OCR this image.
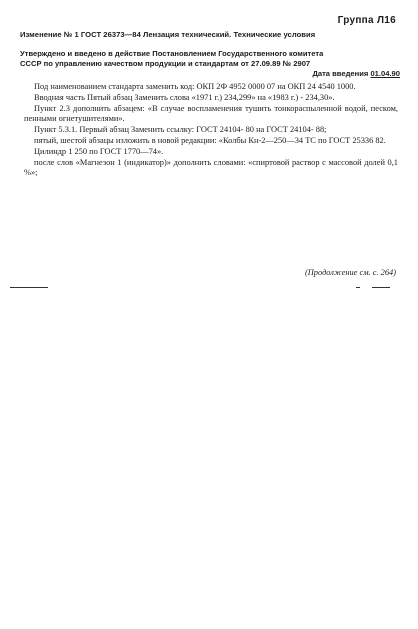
Группа Л16
Изменение № 1 ГОСТ 26373—84 Лензация технический. Технические условия
Утверждено и введено в действие Постановлением Государственного комитета
СССР по управлению качеством продукции и стандартам от 27.09.89 № 2907
Дата введения 01.04.90

Под наименованием стандарта заменить код: ОКП 2Ф 4952 0000 07 на ОКП 24 4540 1000.

Вводная часть Пятый абзац Заменить слова «1971 г.) 234,299» на «1983 г.) - 234,30».

Пункт 2.3 дополнить абзацем: «В случае воспламенения тушить тонкораспыленной водой, песком, пенными огнетушителями».

Пункт 5.3.1. Первый абзац Заменить ссылку: ГОСТ 24104- 80 на ГОСТ 24104- 88;

пятый, шестой абзацы изложить в новой редакции: «Колбы Кн-2—250—34 ТС по ГОСТ 25336 82.

Цилиндр 1 250 по ГОСТ 1770—74».

после слов «Магнезон 1 (индикатор)» дополнить словами: «спиртовой раствор с массовой долей 0,1 %»;

(Продолжение см. с. 264)
